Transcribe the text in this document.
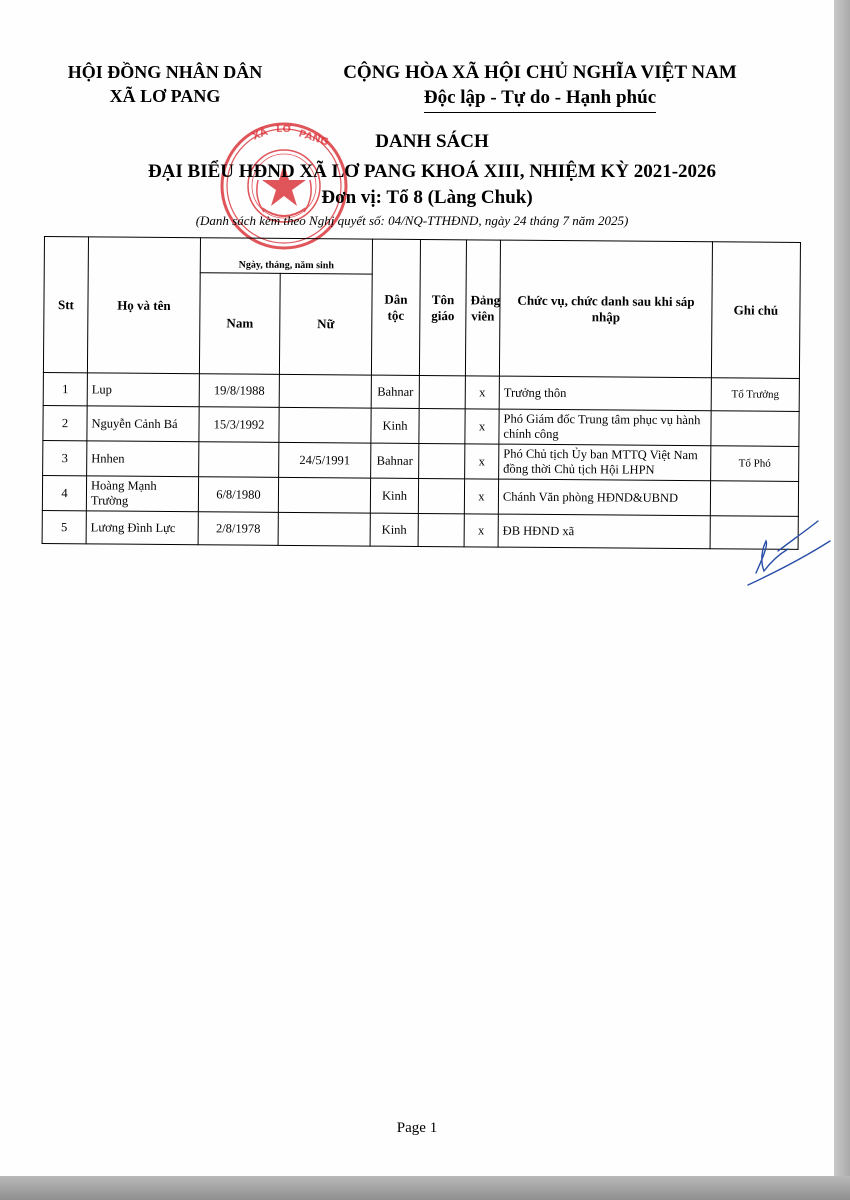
HỘI ĐỒNG NHÂN DÂN
XÃ LƠ PANG
CỘNG HÒA XÃ HỘI CHỦ NGHĨA VIỆT NAM
Độc lập - Tự do - Hạnh phúc
XÃ LƠ PANG	DANH SÁCH
ĐẠI BIỂU HĐND XÃ LƠ PANG KHOÁ XIII, NHIỆM KỲ 2021-2026
Đơn vị: Tổ 8 (Làng Chuk)
(Danh sách kèm theo Nghị quyết số: 04/NQ-TTHĐND, ngày 24 tháng 7 năm 2025)
Stt	Họ và tên	Ngày, tháng, năm sinh		Dân tộc	Tôn giáo	Đảng viên	Chức vụ, chức danh sau khi sáp nhập	Ghi chú
		Nam	Nữ					
1	Lup	19/8/1988		Bahnar		x	Trưởng thôn	Tổ Trưởng
2	Nguyễn Cảnh Bá	15/3/1992		Kinh		x	Phó Giám đốc Trung tâm phục vụ hành chính công	
3	Hnhen		24/5/1991	Bahnar		x	Phó Chủ tịch Ủy ban MTTQ Việt Nam đồng thời Chủ tịch Hội LHPN	Tổ Phó
4	Hoàng Mạnh Trường	6/8/1980		Kinh		x	Chánh Văn phòng HĐND&UBND	
5	Lương Đình Lực	2/8/1978		Kinh		x	ĐB HĐND xã	
Page 1
